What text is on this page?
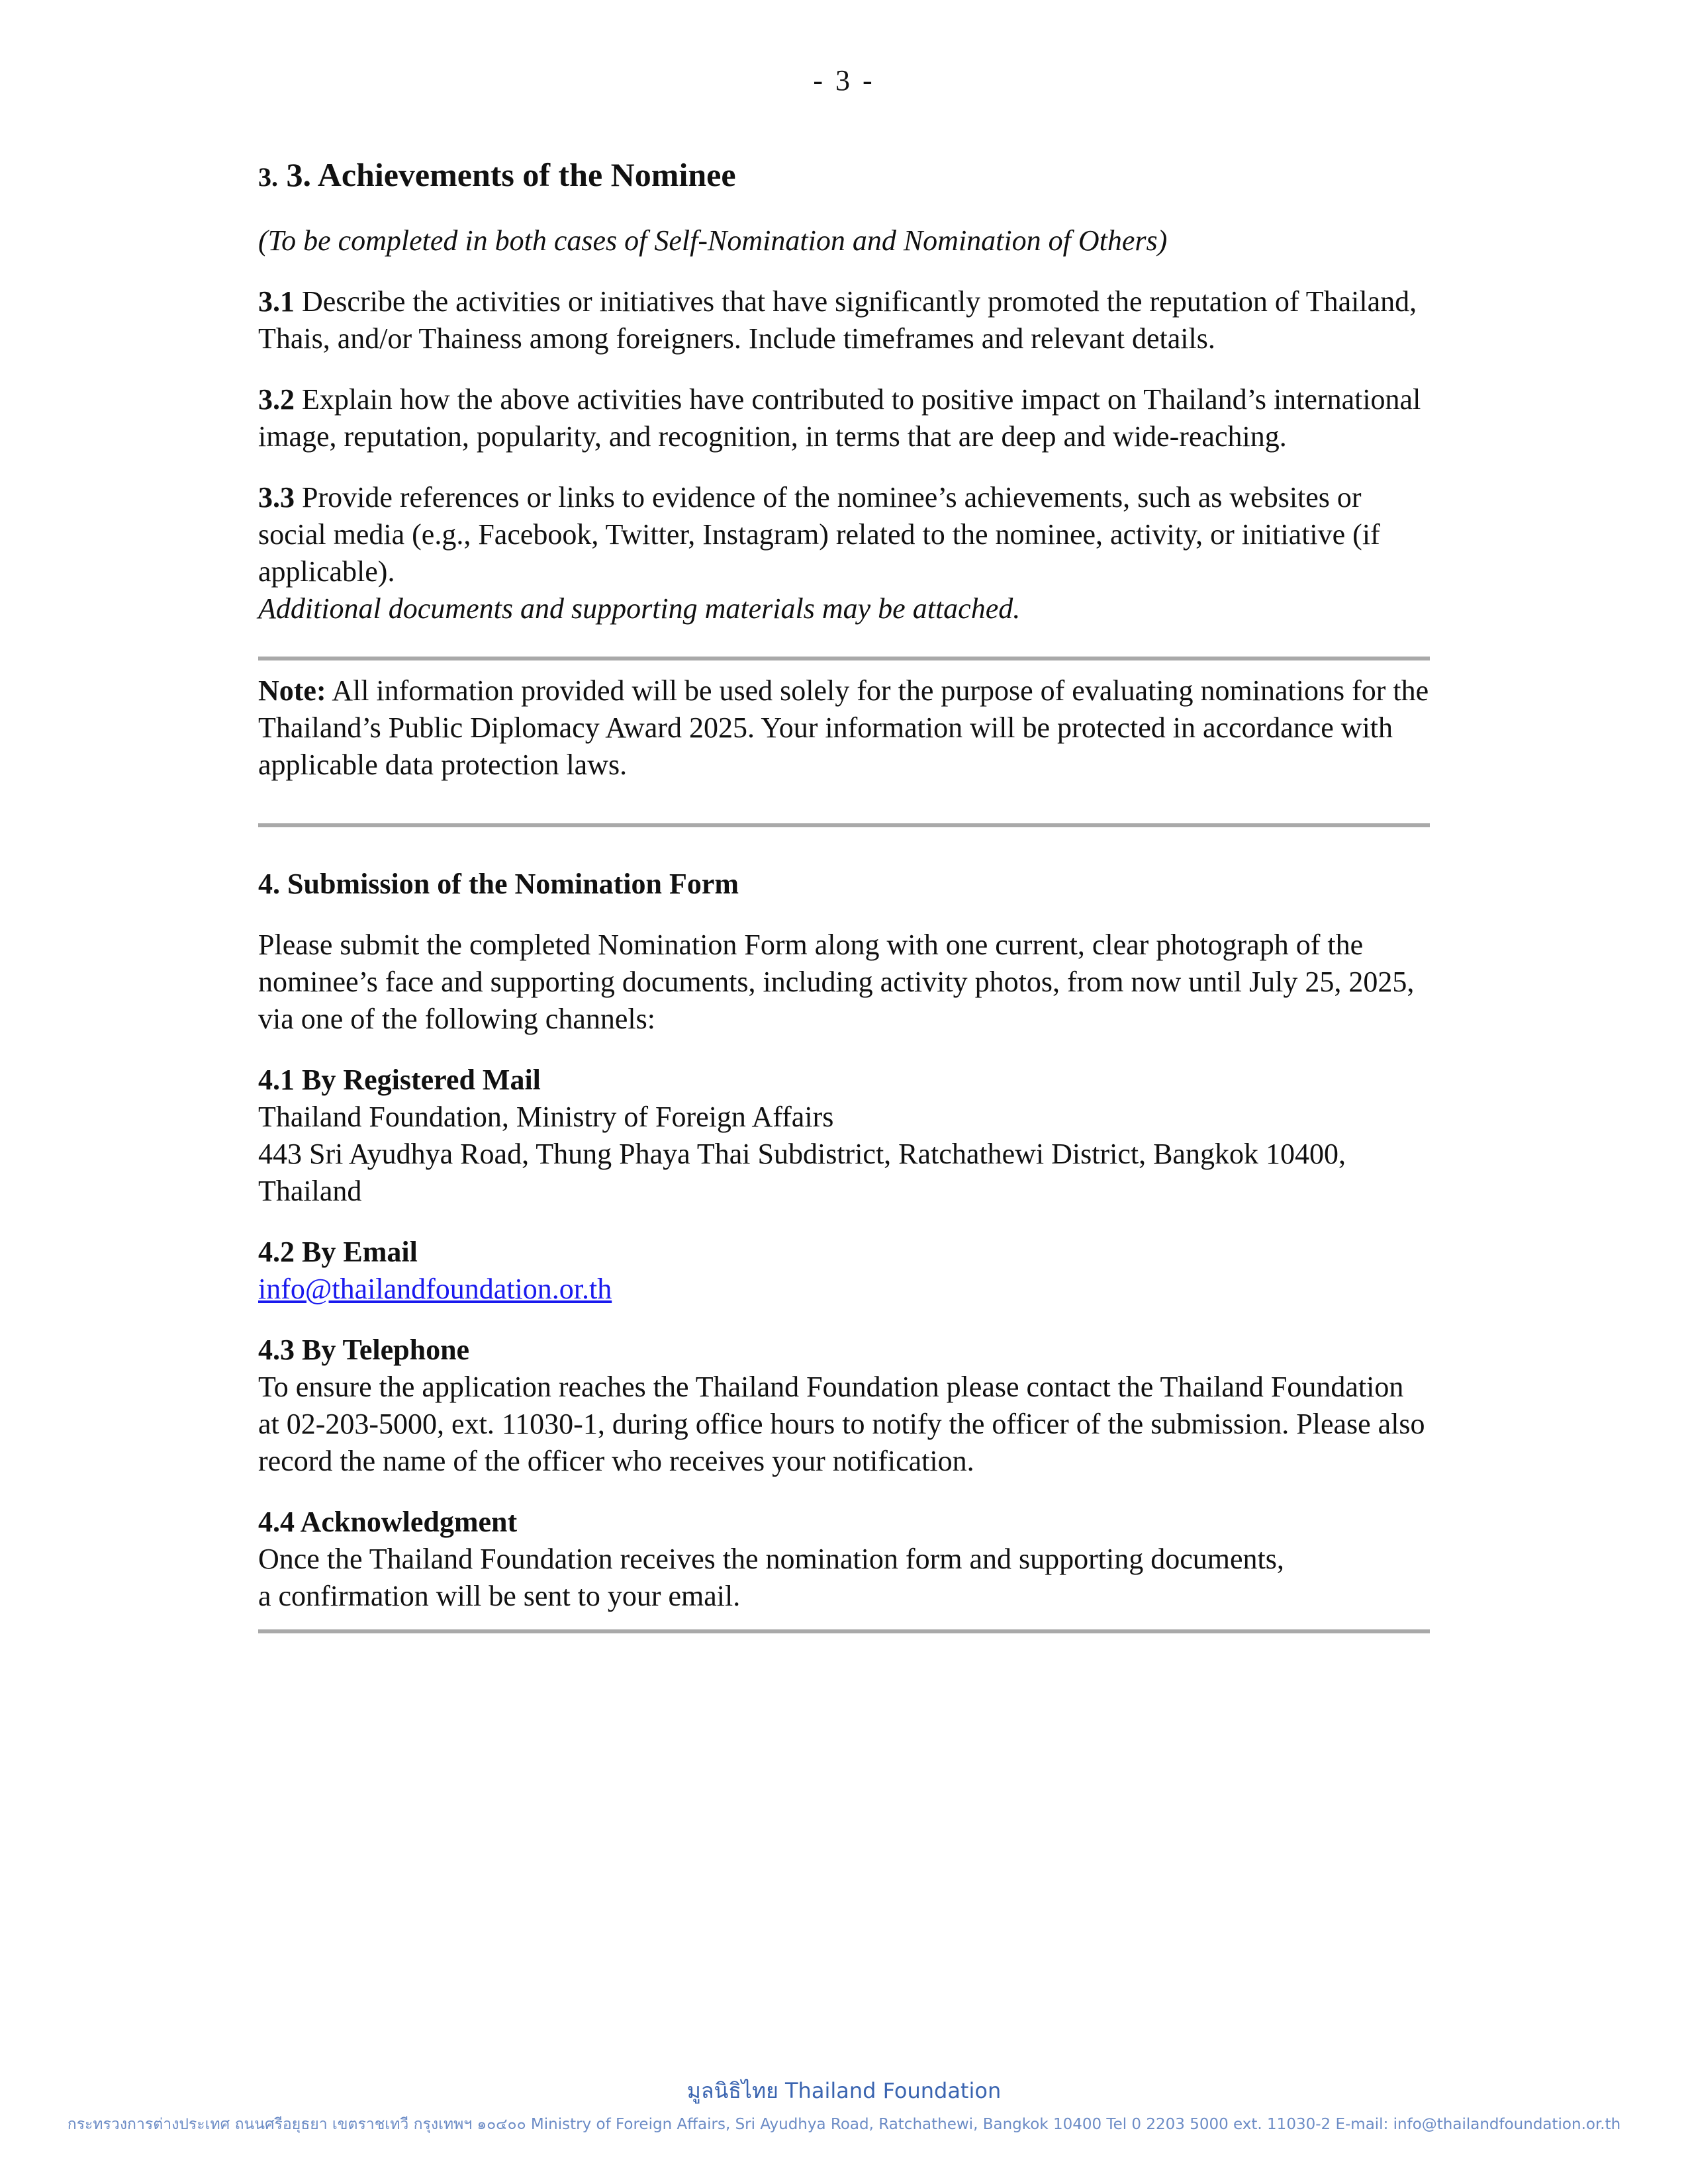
- 3 -
3. 3. Achievements of the Nominee

(To be completed in both cases of Self-Nomination and Nomination of Others)

3.1 Describe the activities or initiatives that have significantly promoted the reputation of Thailand, Thais, and/or Thainess among foreigners. Include timeframes and relevant details.

3.2 Explain how the above activities have contributed to positive impact on Thailand’s international image, reputation, popularity, and recognition, in terms that are deep and wide-reaching.

3.3 Provide references or links to evidence of the nominee’s achievements, such as websites or social media (e.g., Facebook, Twitter, Instagram) related to the nominee, activity, or initiative (if applicable).

Additional documents and supporting materials may be attached.

Note: All information provided will be used solely for the purpose of evaluating nominations for the Thailand’s Public Diplomacy Award 2025. Your information will be protected in accordance with applicable data protection laws.

4. Submission of the Nomination Form

Please submit the completed Nomination Form along with one current, clear photograph of the nominee’s face and supporting documents, including activity photos, from now until July 25, 2025, via one of the following channels:

4.1 By Registered Mail
Thailand Foundation, Ministry of Foreign Affairs
443 Sri Ayudhya Road, Thung Phaya Thai Subdistrict, Ratchathewi District, Bangkok 10400, Thailand
4.2 By Email
info@thailandfoundation.or.th
4.3 By Telephone
To ensure the application reaches the Thailand Foundation please contact the Thailand Foundation at 02-203-5000, ext. 11030-1, during office hours to notify the officer of the submission. Please also record the name of the officer who receives your notification.
4.4 Acknowledgment
Once the Thailand Foundation receives the nomination form and supporting documents,
a confirmation will be sent to your email.
มูลนิธิไทย Thailand Foundation
กระทรวงการต่างประเทศ ถนนศรีอยุธยา เขตราชเทวี กรุงเทพฯ ๑๐๔๐๐ Ministry of Foreign Affairs, Sri Ayudhya Road, Ratchathewi, Bangkok 10400 Tel 0 2203 5000 ext. 11030-2 E-mail: info@thailandfoundation.or.th
